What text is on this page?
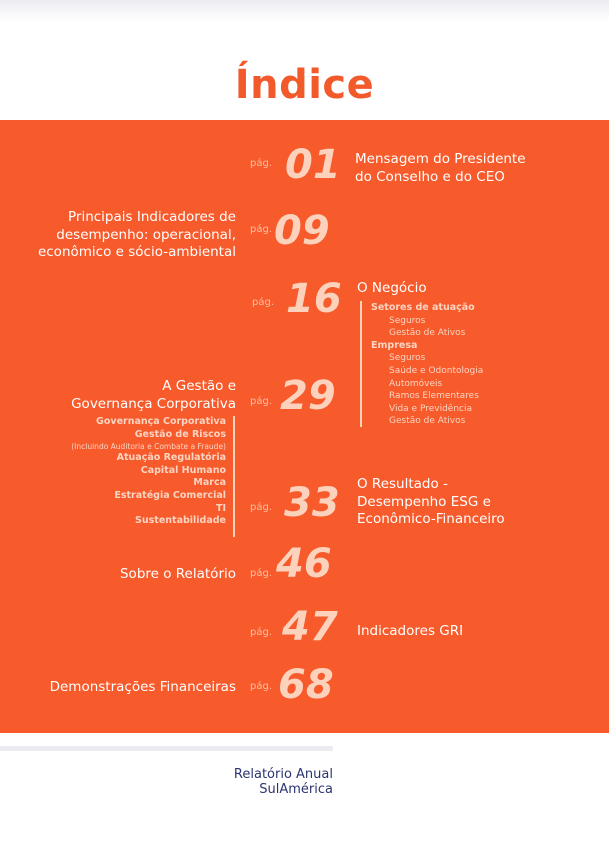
Índice
pág. 01 Mensagem do Presidente
do Conselho e do CEO
Principais Indicadores de
desempenho: operacional,
econômico e sócio-ambiental
pág. 09
pág. 16 O Negócio
Setores de atuação
Seguros
Gestão de Ativos
Empresa
Seguros
Saúde e Odontologia
Automóveis
Ramos Elementares
Vida e Previdência
Gestão de Ativos
A Gestão e
Governança Corporativa pág. 29
Governança Corporativa
Gestão de Riscos
(Incluindo Auditoria e Combate a Fraude)
Atuação Regulatória
Capital Humano
Marca
Estratégia Comercial
TI
Sustentabilidade
pág. 33 O Resultado -
Desempenho ESG e
Econômico-Financeiro
Sobre o Relatório pág. 46
pág. 47 Indicadores GRI
Demonstrações Financeiras pág. 68
Relatório Anual SulAmérica
